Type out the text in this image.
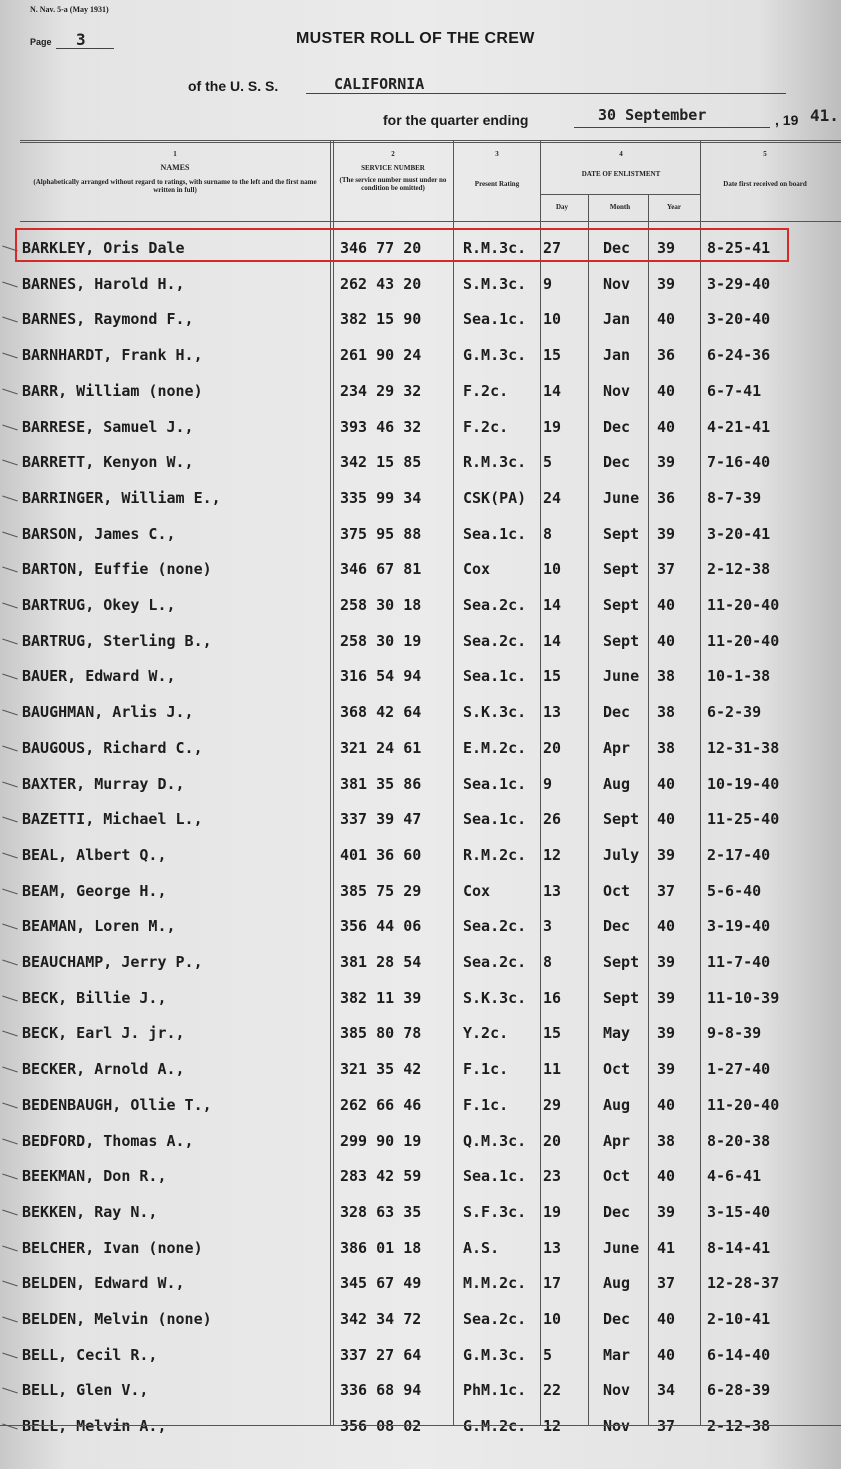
N. Nav. 5-a (May 1931)
Page 3	MUSTER ROLL OF THE CREW
of the U. S. S.	CALIFORNIA
for the quarter ending	30 September	, 19 41.
1
NAMES
(Alphabetically arranged without regard to ratings, with surname to the left and the first name written in full)
2
SERVICE NUMBER
(The service number must under no condition be omitted)
3
Present Rating
4
DATE OF ENLISTMENT
Day	Month	Year
5
Date first received on board
BARKLEY, Oris Dale	346 77 20	R.M.3c. 27	Dec 39 8-25-41
BARNES, Harold H.,	262 43 20	S.M.3c. 9	Nov 39 3-29-40
BARNES, Raymond F.,	382 15 90	Sea.1c. 10	Jan 40 3-20-40
BARNHARDT, Frank H.,	261 90 24	G.M.3c. 15	Jan 36 6-24-36
BARR, William (none)	234 29 32	F.2c. 14	Nov 40 6-7-41
BARRESE, Samuel J.,	393 46 32	F.2c. 19	Dec 40 4-21-41
BARRETT, Kenyon W.,	342 15 85	R.M.3c. 5	Dec 39 7-16-40
BARRINGER, William E.,	335 99 34	CSK(PA) 24	June 36 8-7-39
BARSON, James C.,	375 95 88	Sea.1c. 8	Sept 39 3-20-41
BARTON, Euffie (none)	346 67 81	Cox	10	Sept 37 2-12-38
BARTRUG, Okey L.,	258 30 18	Sea.2c. 14	Sept 40 11-20-40
BARTRUG, Sterling B.,	258 30 19	Sea.2c. 14	Sept 40 11-20-40
BAUER, Edward W.,	316 54 94	Sea.1c. 15	June 38 10-1-38
BAUGHMAN, Arlis J.,	368 42 64	S.K.3c. 13	Dec 38 6-2-39
BAUGOUS, Richard C.,	321 24 61	E.M.2c. 20	Apr 38 12-31-38
BAXTER, Murray D.,	381 35 86	Sea.1c. 9	Aug 40 10-19-40
BAZETTI, Michael L.,	337 39 47	Sea.1c. 26	Sept 40 11-25-40
BEAL, Albert Q.,	401 36 60	R.M.2c. 12	July 39 2-17-40
BEAM, George H.,	385 75 29	Cox	13	Oct 37 5-6-40
BEAMAN, Loren M.,	356 44 06	Sea.2c. 3	Dec 40 3-19-40
BEAUCHAMP, Jerry P.,	381 28 54	Sea.2c. 8	Sept 39 11-7-40
BECK, Billie J.,	382 11 39	S.K.3c. 16	Sept 39 11-10-39
BECK, Earl J. jr.,	385 80 78	Y.2c. 15	May 39 9-8-39
BECKER, Arnold A.,	321 35 42	F.1c. 11	Oct 39 1-27-40
BEDENBAUGH, Ollie T.,	262 66 46	F.1c. 29	Aug 40 11-20-40
BEDFORD, Thomas A.,	299 90 19	Q.M.3c. 20	Apr 38 8-20-38
BEEKMAN, Don R.,	283 42 59	Sea.1c. 23	Oct 40 4-6-41
BEKKEN, Ray N.,	328 63 35	S.F.3c. 19	Dec 39 3-15-40
BELCHER, Ivan (none)	386 01 18	A.S.	13	June 41 8-14-41
BELDEN, Edward W.,	345 67 49	M.M.2c. 17	Aug 37 12-28-37
BELDEN, Melvin (none)	342 34 72	Sea.2c. 10	Dec 40 2-10-41
BELL, Cecil R.,	337 27 64	G.M.3c. 5	Mar 40 6-14-40
BELL, Glen V.,	336 68 94	PhM.1c. 22	Nov 34 6-28-39
BELL, Melvin A.,	356 08 02	G.M.2c. 12	Nov 37 2-12-38
